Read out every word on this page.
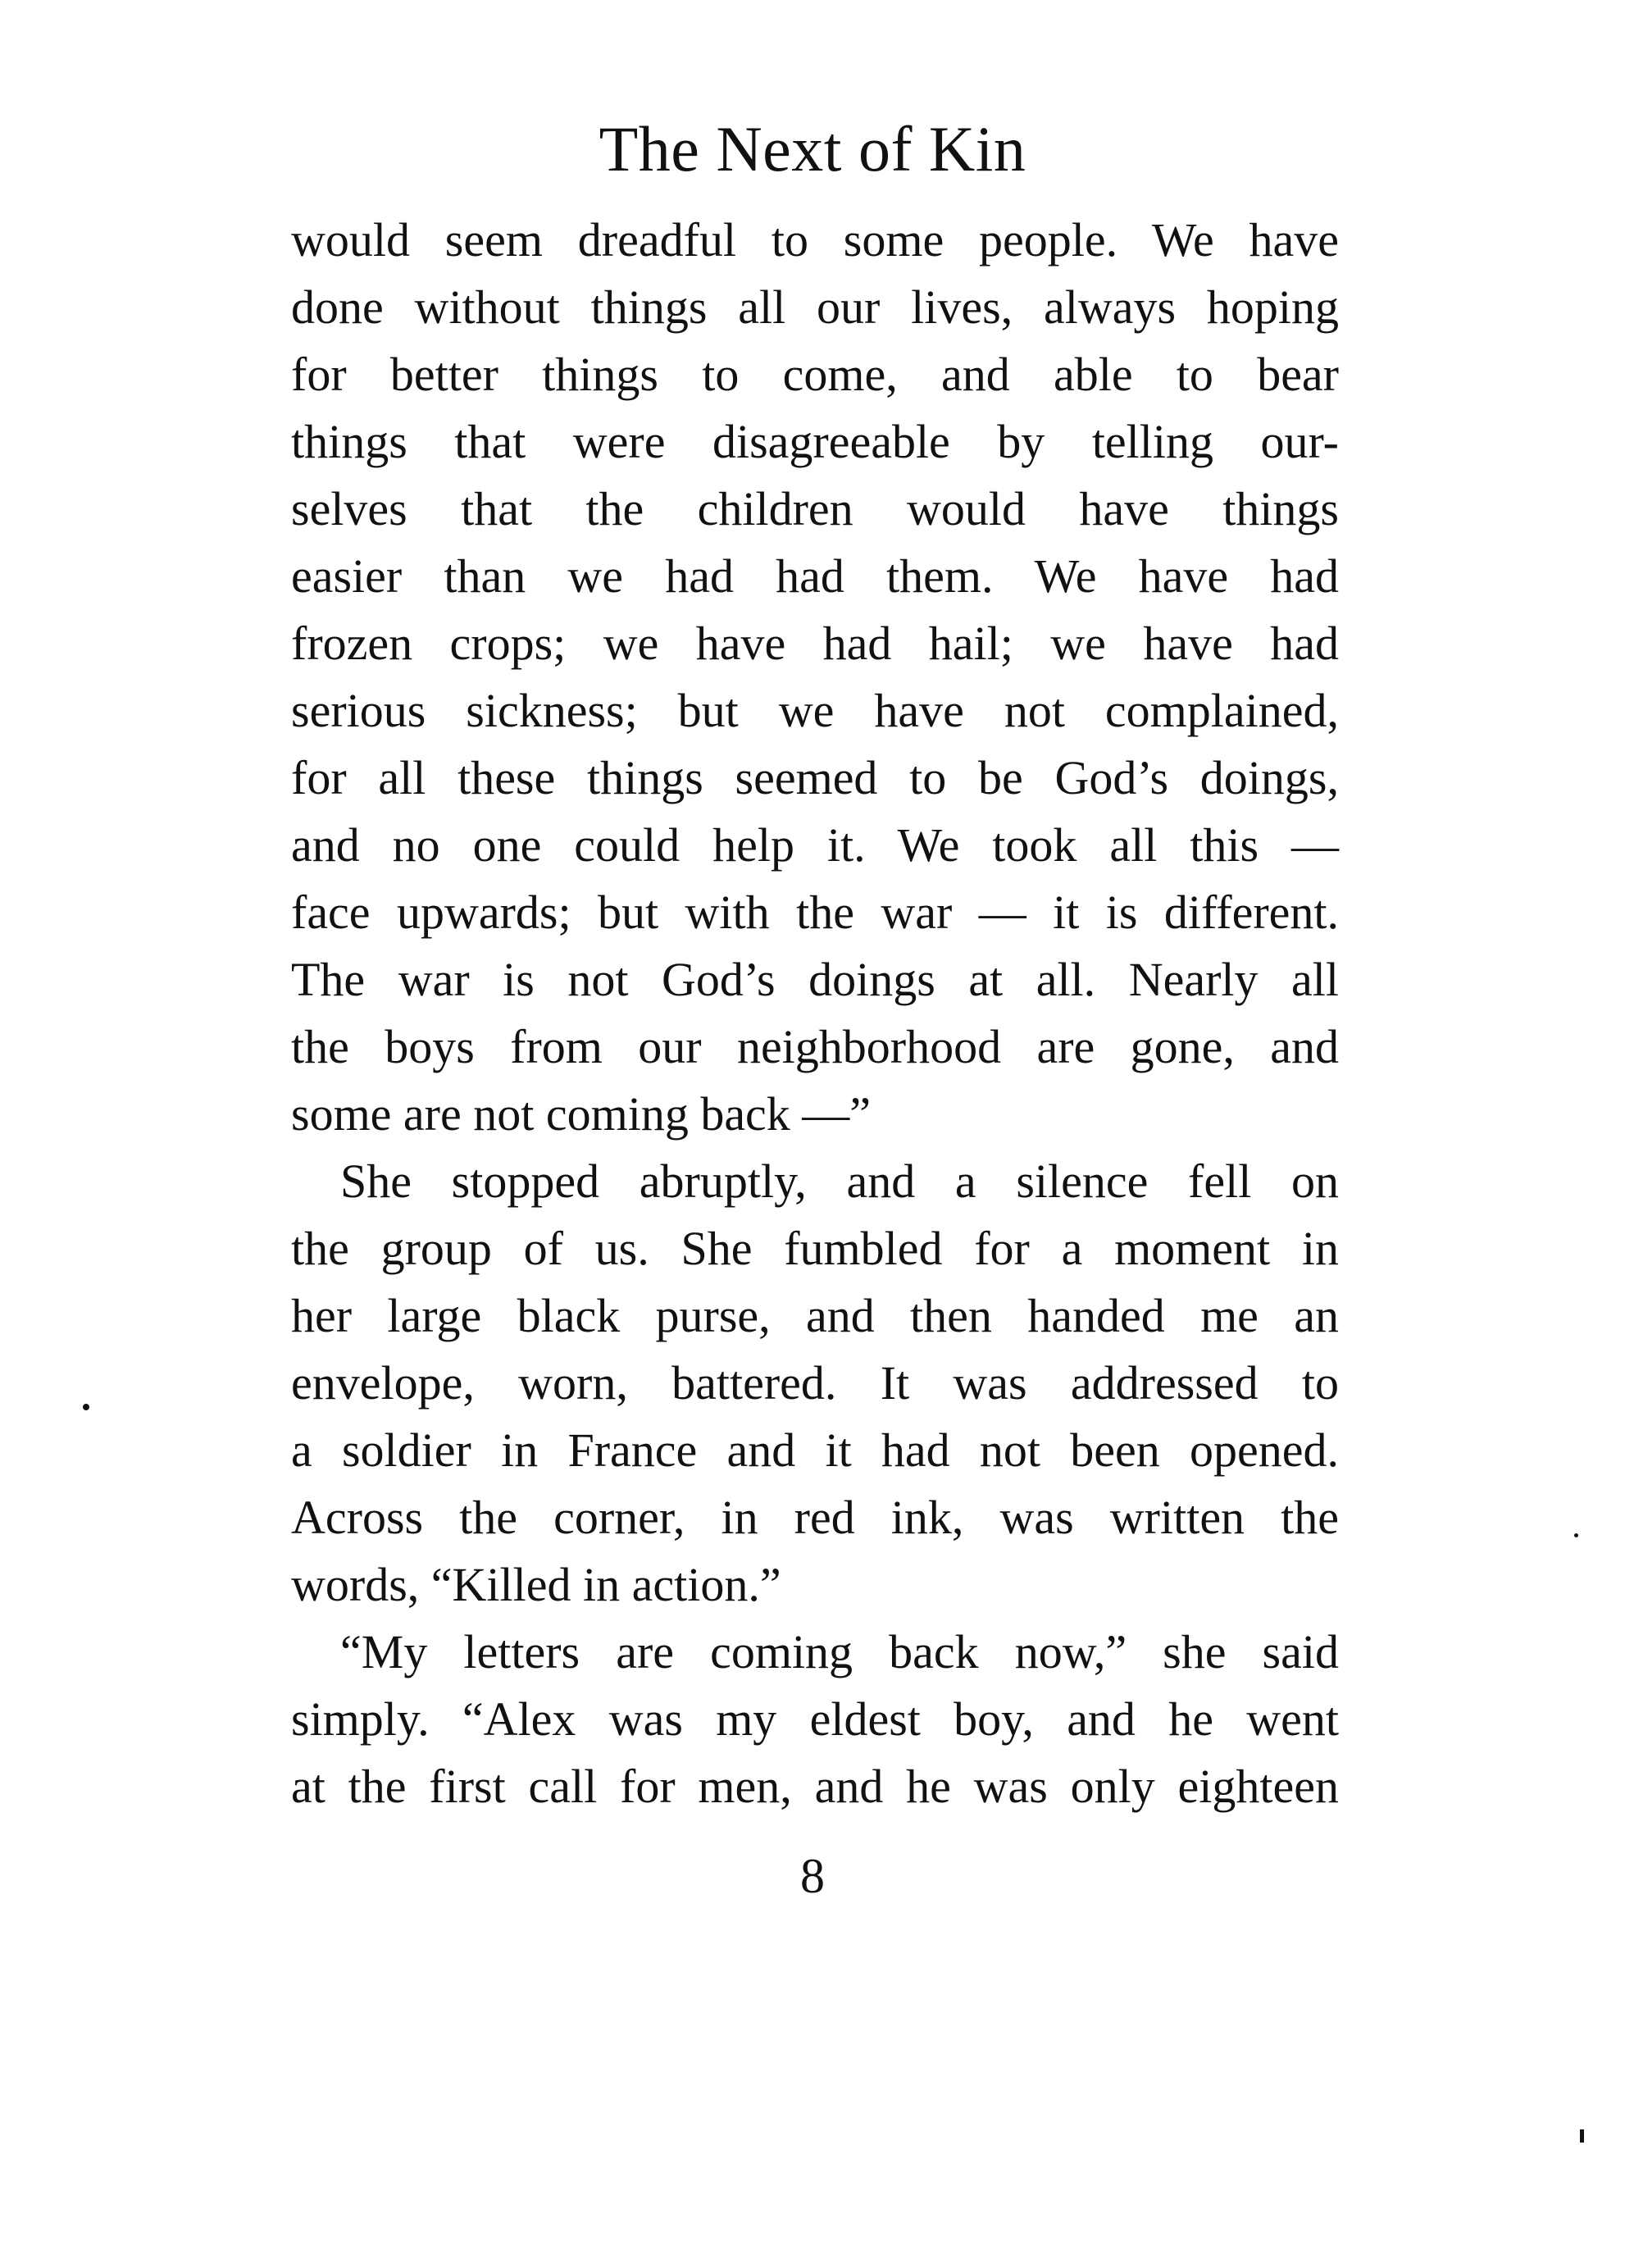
The Next of Kin
would seem dreadful to some people. We have
done without things all our lives, always hoping
for better things to come, and able to bear
things that were disagreeable by telling our-
selves that the children would have things
easier than we had had them. We have had
frozen crops; we have had hail; we have had
serious sickness; but we have not complained,
for all these things seemed to be God’s doings,
and no one could help it. We took all this —
face upwards; but with the war — it is different.
The war is not God’s doings at all. Nearly all
the boys from our neighborhood are gone, and
some are not coming back —”
She stopped abruptly, and a silence fell on
the group of us. She fumbled for a moment in
her large black purse, and then handed me an
envelope, worn, battered. It was addressed to
a soldier in France and it had not been opened.
Across the corner, in red ink, was written the
words, “Killed in action.”
“My letters are coming back now,” she said
simply. “Alex was my eldest boy, and he went
at the first call for men, and he was only eighteen
8
